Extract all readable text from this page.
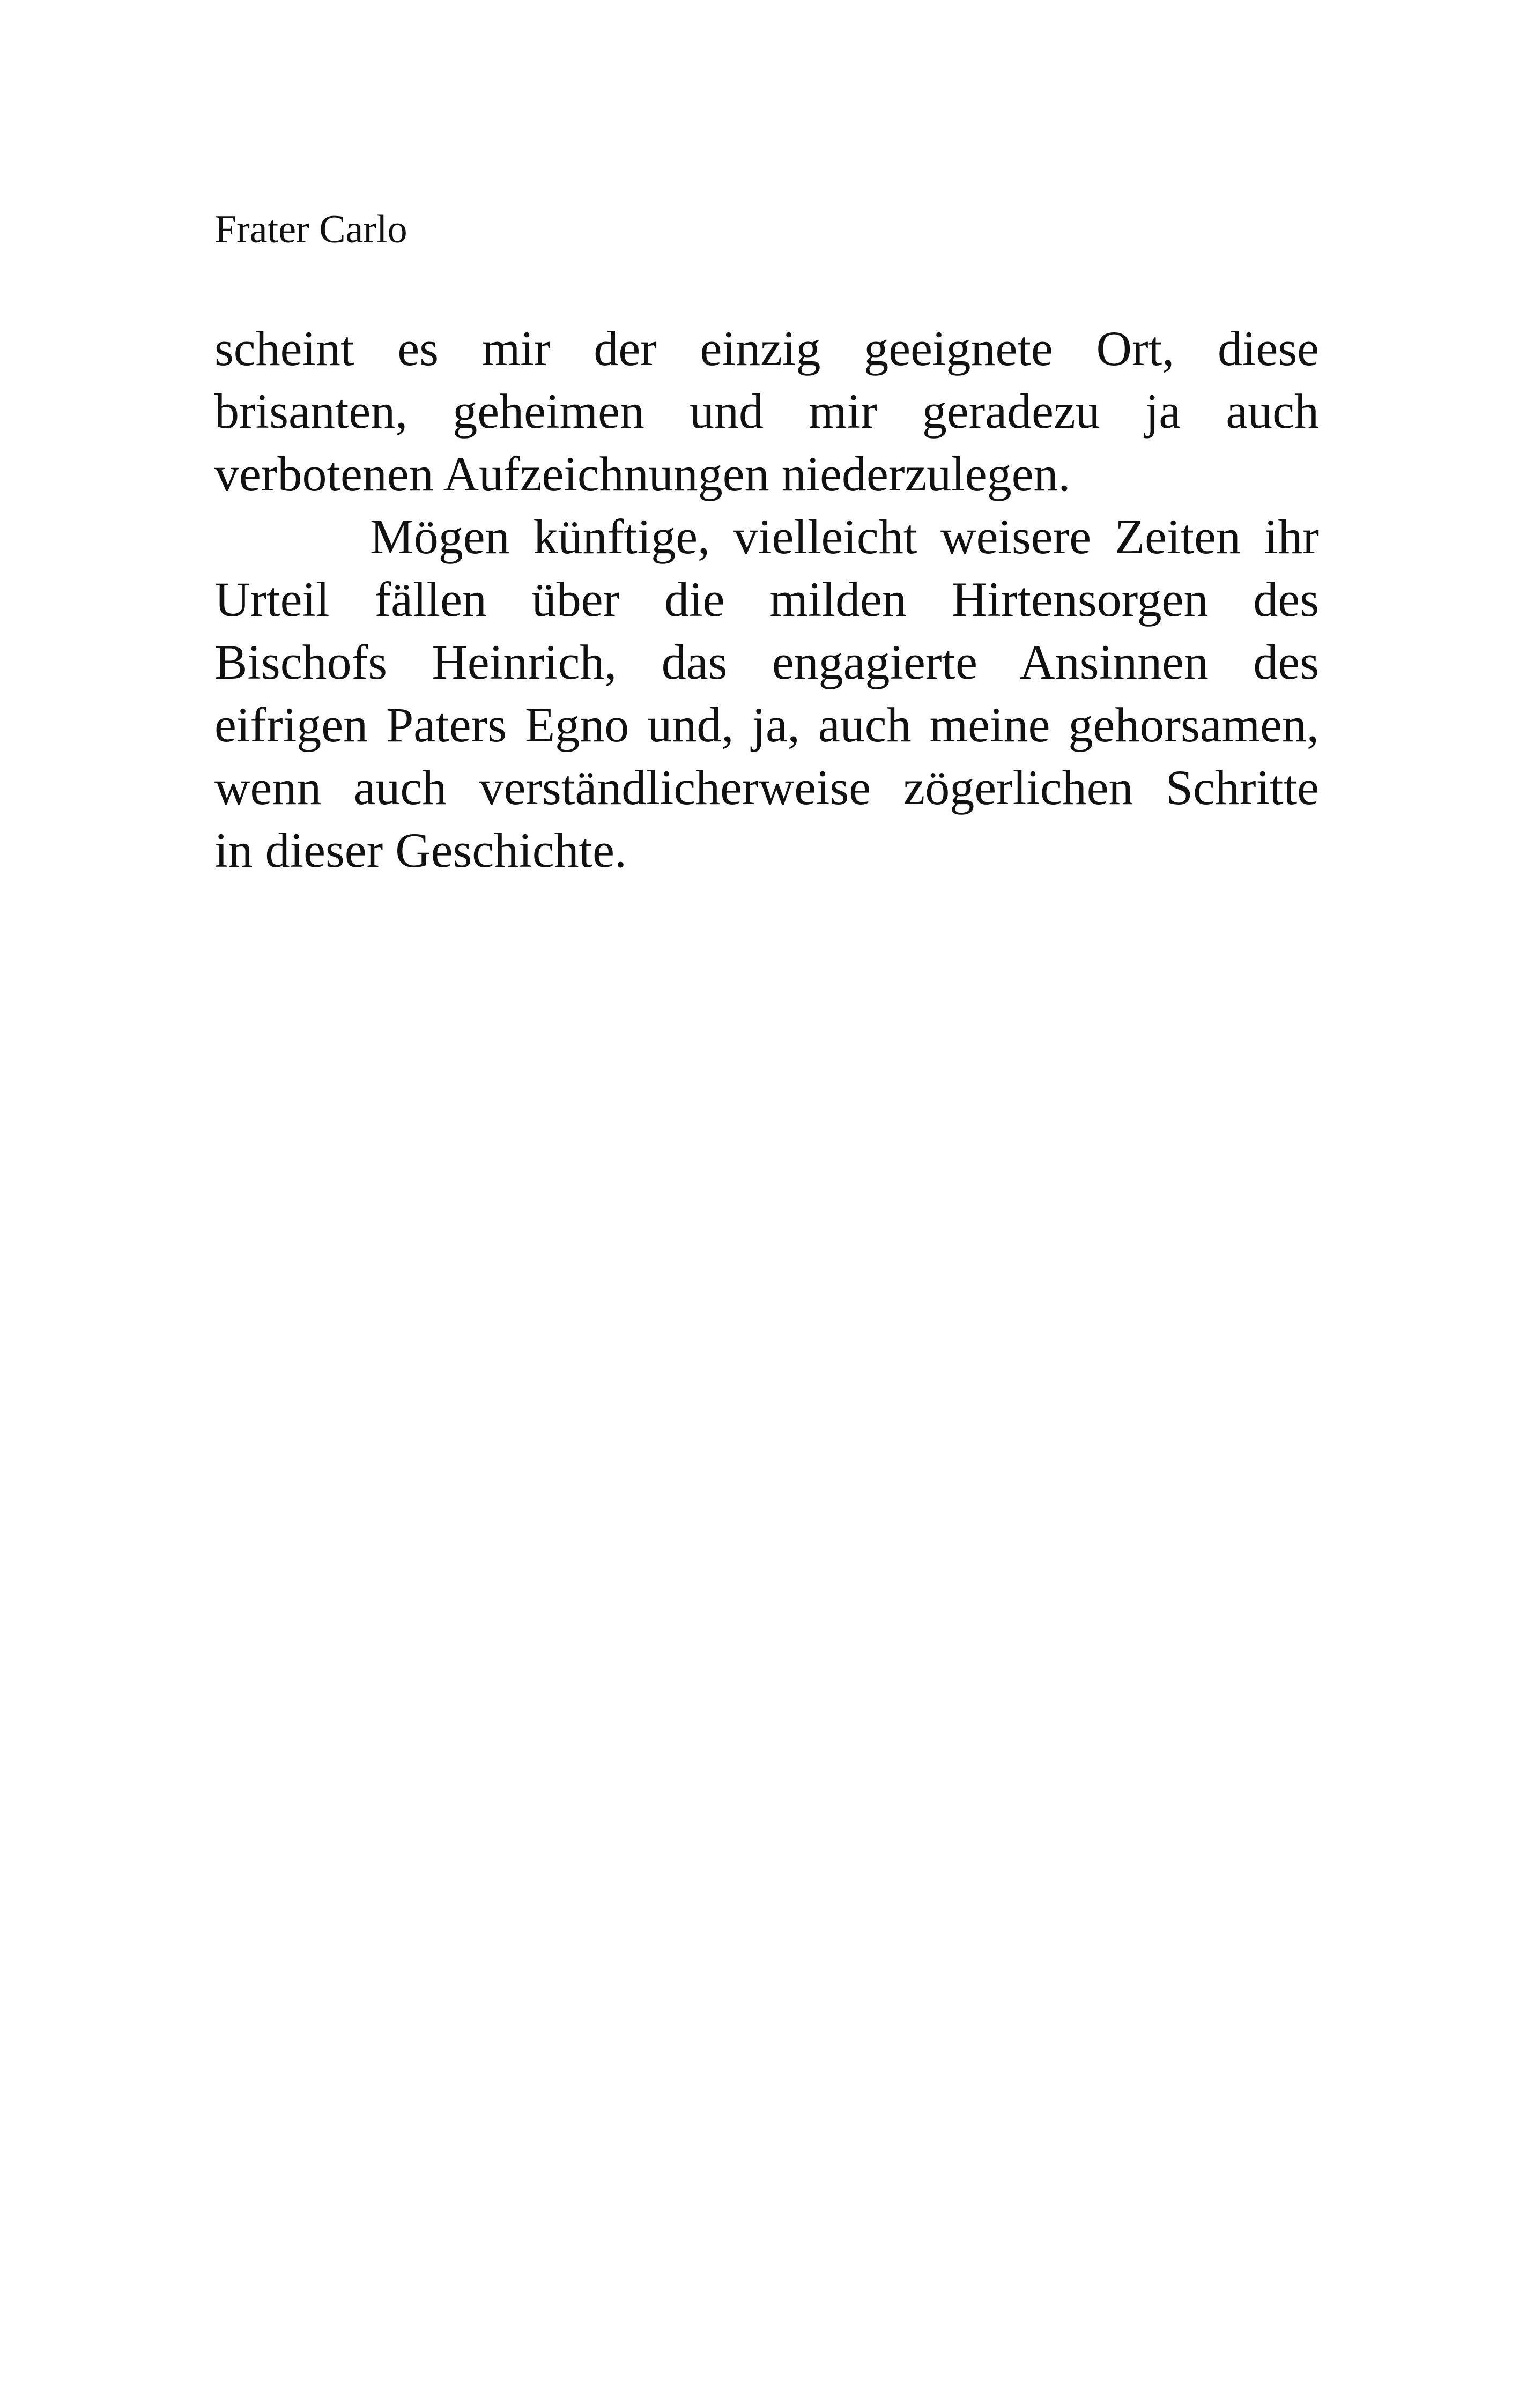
Frater Carlo
scheint es mir der einzig geeignete Ort, diese
brisanten, geheimen und mir geradezu ja auch
verbotenen Aufzeichnungen niederzulegen.
Mögen künftige, vielleicht weisere Zeiten ihr
Urteil fällen über die milden Hirtensorgen des
Bischofs Heinrich, das engagierte Ansinnen des
eifrigen Paters Egno und, ja, auch meine gehorsamen,
wenn auch verständlicherweise zögerlichen Schritte
in dieser Geschichte.
